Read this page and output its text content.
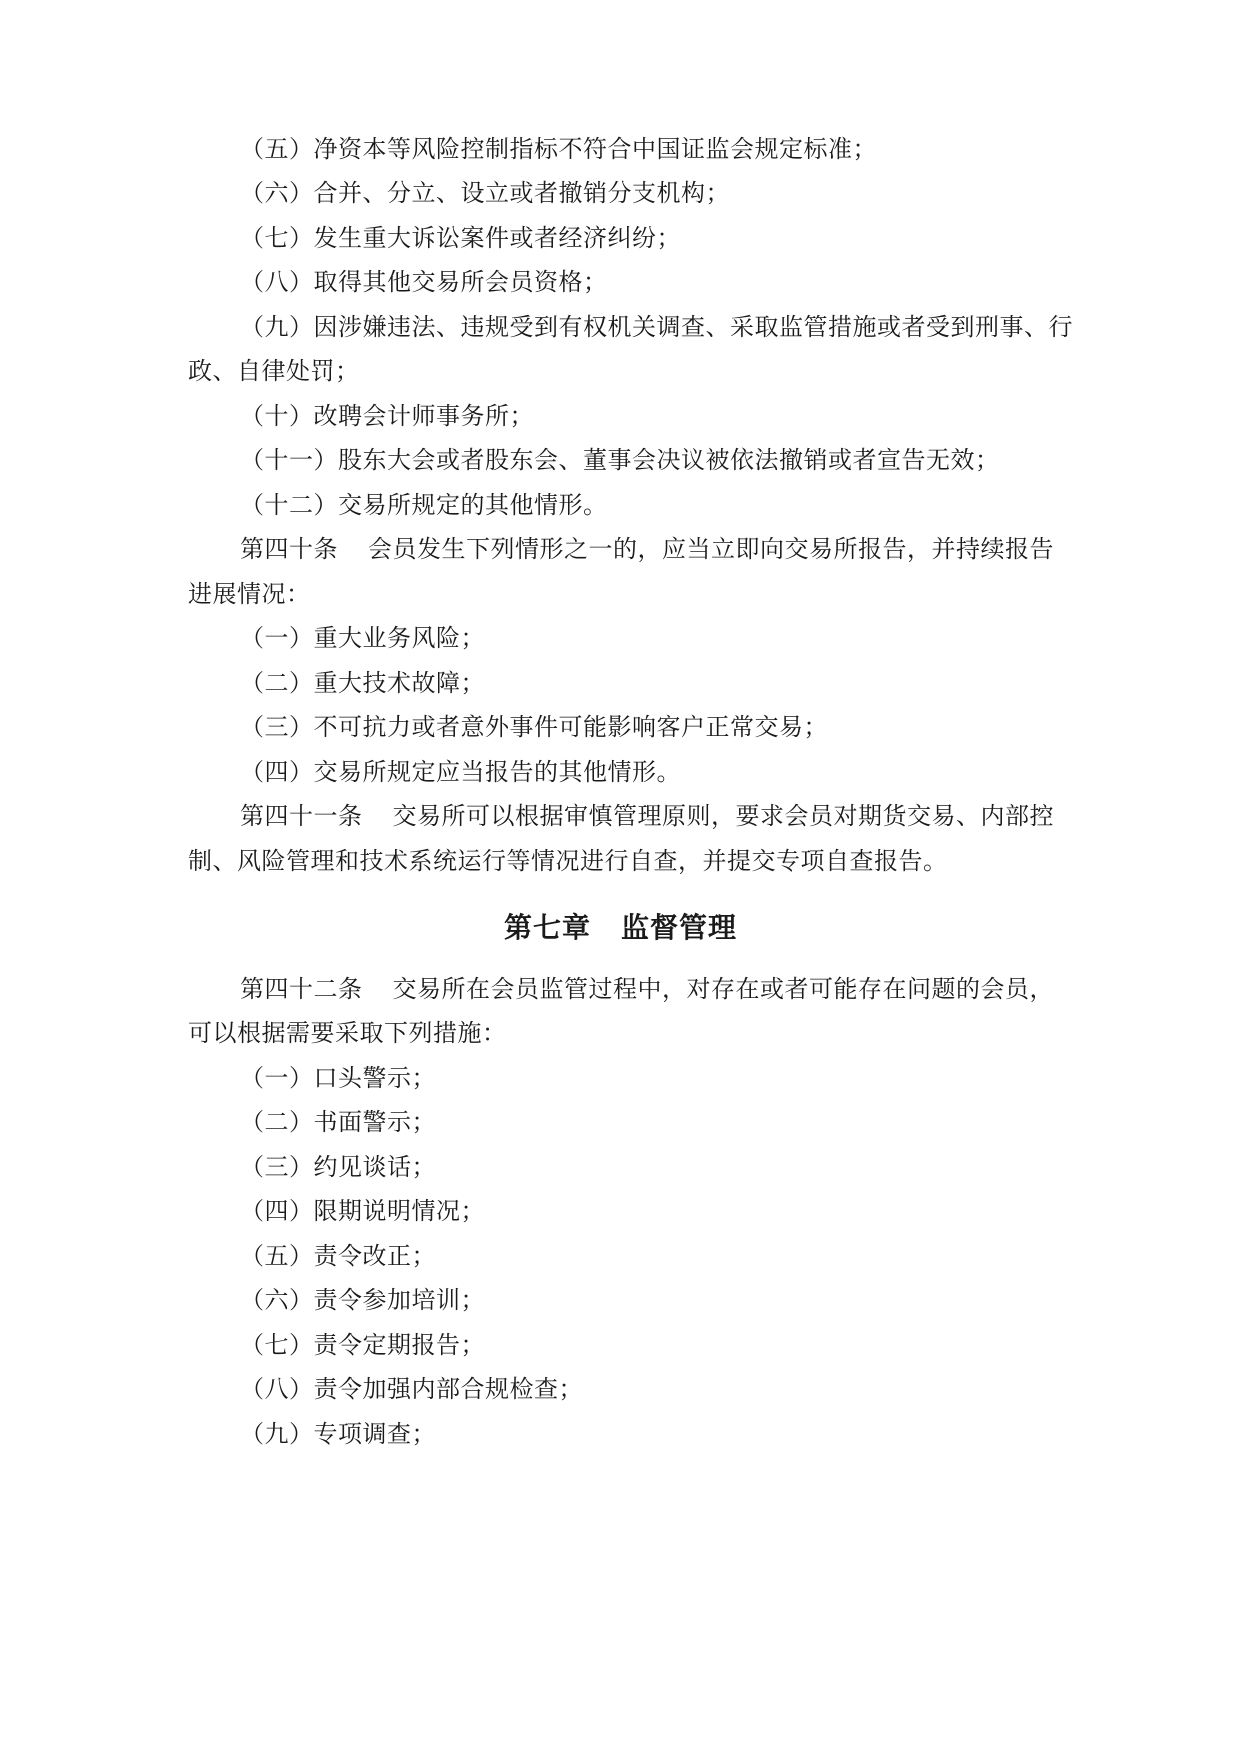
（五）净资本等风险控制指标不符合中国证监会规定标准；
（六）合并、分立、设立或者撤销分支机构；
（七）发生重大诉讼案件或者经济纠纷；
（八）取得其他交易所会员资格；
（九）因涉嫌违法、违规受到有权机关调查、采取监管措施或者受到刑事、行
政、自律处罚；
（十）改聘会计师事务所；
（十一）股东大会或者股东会、董事会决议被依法撤销或者宣告无效；
（十二）交易所规定的其他情形。
第四十条 会员发生下列情形之一的，应当立即向交易所报告，并持续报告
进展情况：
（一）重大业务风险；
（二）重大技术故障；
（三）不可抗力或者意外事件可能影响客户正常交易；
（四）交易所规定应当报告的其他情形。
第四十一条 交易所可以根据审慎管理原则，要求会员对期货交易、内部控
制、风险管理和技术系统运行等情况进行自查，并提交专项自查报告。
第七章 监督管理
第四十二条 交易所在会员监管过程中，对存在或者可能存在问题的会员，
可以根据需要采取下列措施：
（一）口头警示；
（二）书面警示；
（三）约见谈话；
（四）限期说明情况；
（五）责令改正；
（六）责令参加培训；
（七）责令定期报告；
（八）责令加强内部合规检查；
（九）专项调查；
